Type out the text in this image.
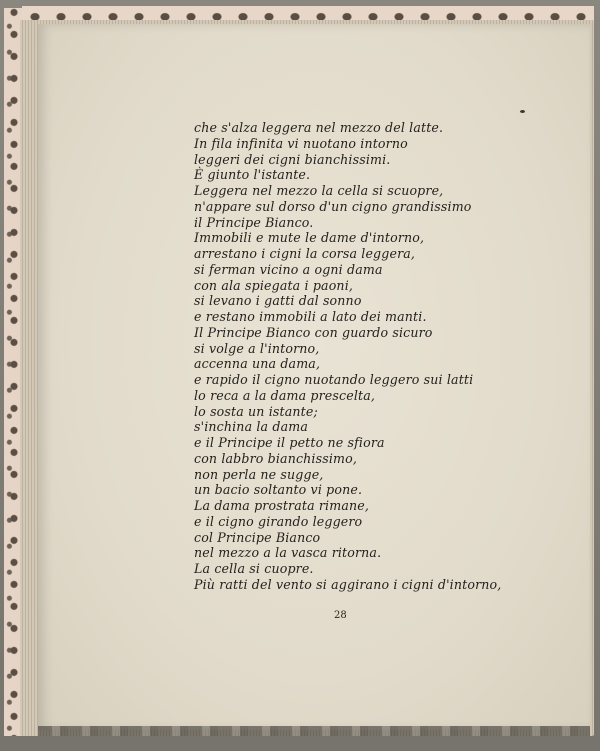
che s'alza leggera nel mezzo del latte.
In fila infinita vi nuotano intorno
leggeri dei cigni bianchissimi.
È giunto l'istante.
Leggera nel mezzo la cella si scuopre,
n'appare sul dorso d'un cigno grandissimo
il Principe Bianco.
Immobili e mute le dame d'intorno,
arrestano i cigni la corsa leggera,
si ferman vicino a ogni dama
con ala spiegata i paoni,
si levano i gatti dal sonno
e restano immobili a lato dei manti.
Il Principe Bianco con guardo sicuro
si volge a l'intorno,
accenna una dama,
e rapido il cigno nuotando leggero sui latti
lo reca a la dama prescelta,
lo sosta un istante;
s'inchina la dama
e il Principe il petto ne sfiora
con labbro bianchissimo,
non perla ne sugge,
un bacio soltanto vi pone.
La dama prostrata rimane,
e il cigno girando leggero
col Principe Bianco
nel mezzo a la vasca ritorna.
La cella si cuopre.
Più ratti del vento si aggirano i cigni d'intorno,
28
